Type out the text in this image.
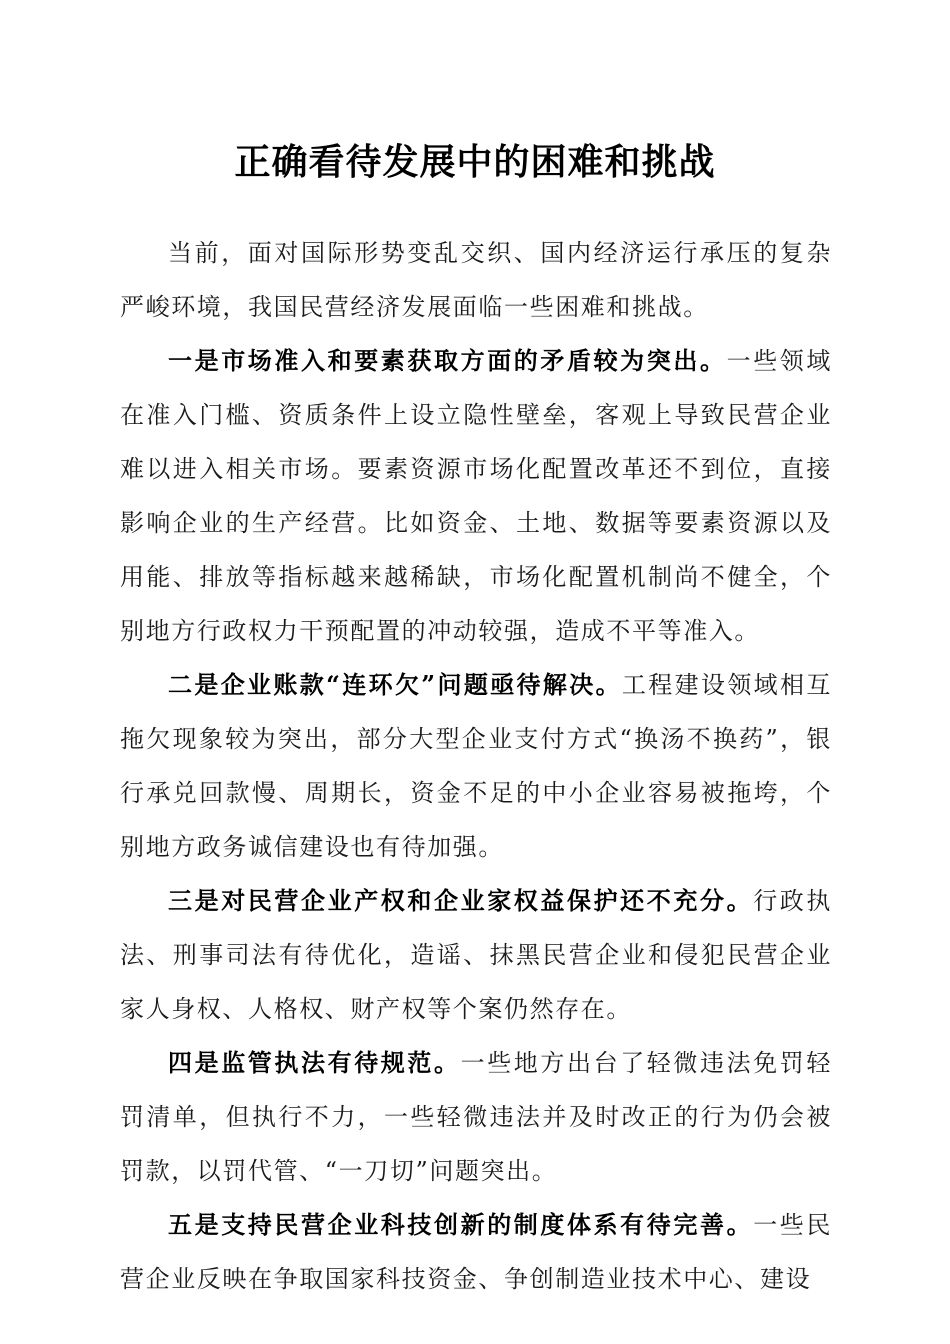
正确看待发展中的困难和挑战

当前，面对国际形势变乱交织、国内经济运行承压的复杂严峻环境，我国民营经济发展面临一些困难和挑战。

一是市场准入和要素获取方面的矛盾较为突出。一些领域在准入门槛、资质条件上设立隐性壁垒，客观上导致民营企业难以进入相关市场。要素资源市场化配置改革还不到位，直接影响企业的生产经营。比如资金、土地、数据等要素资源以及用能、排放等指标越来越稀缺，市场化配置机制尚不健全，个别地方行政权力干预配置的冲动较强，造成不平等准入。

二是企业账款“连环欠”问题亟待解决。工程建设领域相互拖欠现象较为突出，部分大型企业支付方式“换汤不换药”，银行承兑回款慢、周期长，资金不足的中小企业容易被拖垮，个别地方政务诚信建设也有待加强。

三是对民营企业产权和企业家权益保护还不充分。行政执法、刑事司法有待优化，造谣、抹黑民营企业和侵犯民营企业家人身权、人格权、财产权等个案仍然存在。

四是监管执法有待规范。一些地方出台了轻微违法免罚轻罚清单，但执行不力，一些轻微违法并及时改正的行为仍会被罚款，以罚代管、“一刀切”问题突出。

五是支持民营企业科技创新的制度体系有待完善。一些民营企业反映在争取国家科技资金、争创制造业技术中心、建设
